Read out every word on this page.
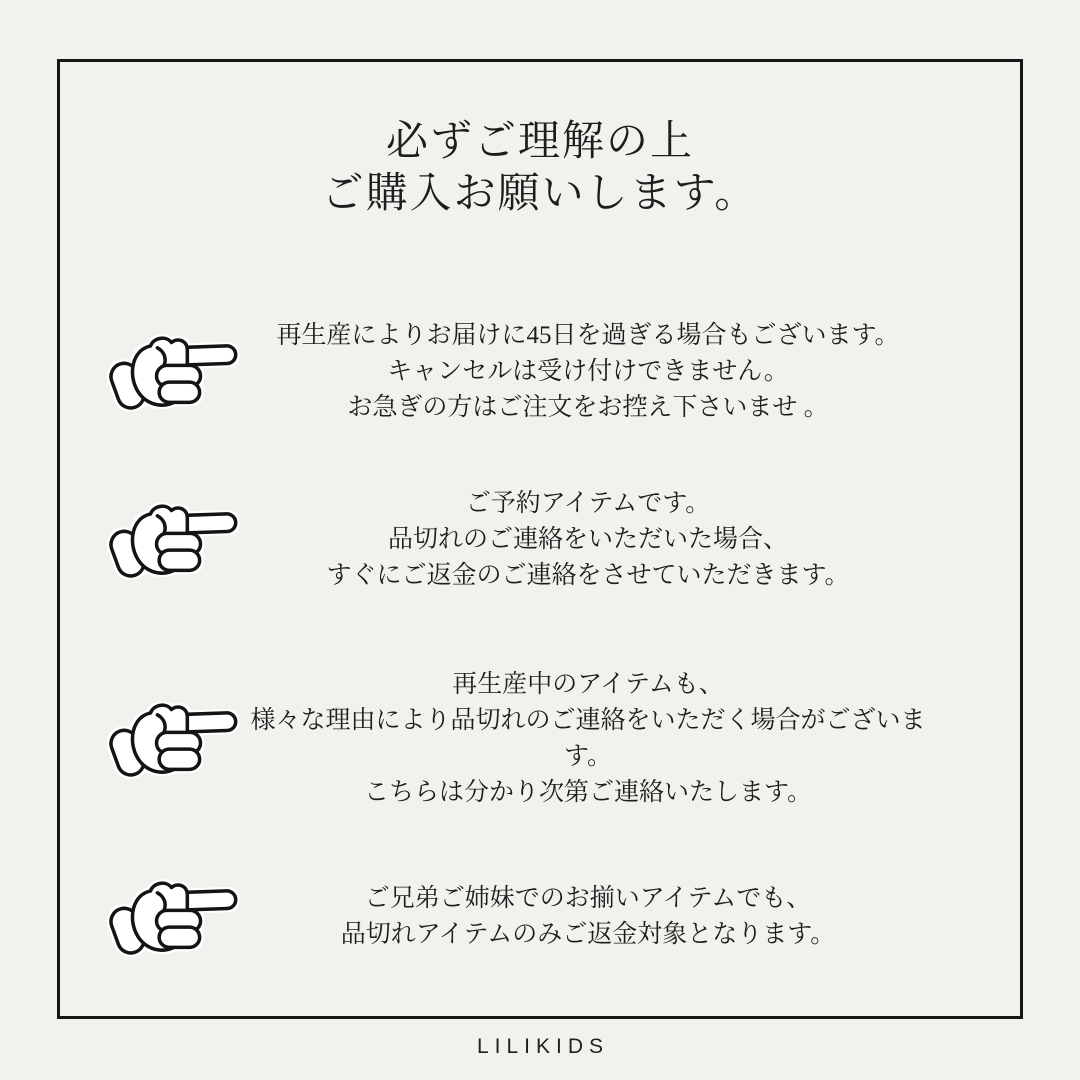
必ずご理解の上
ご購入お願いします。
再生産によりお届けに45日を過ぎる場合もございます。
キャンセルは受け付けできません。
お急ぎの方はご注文をお控え下さいませ 。
ご予約アイテムです。
品切れのご連絡をいただいた場合、
すぐにご返金のご連絡をさせていただきます。
再生産中のアイテムも、
様々な理由により品切れのご連絡をいただく場合がございます。
こちらは分かり次第ご連絡いたします。
ご兄弟ご姉妹でのお揃いアイテムでも、
品切れアイテムのみご返金対象となります。
LILIKIDS
